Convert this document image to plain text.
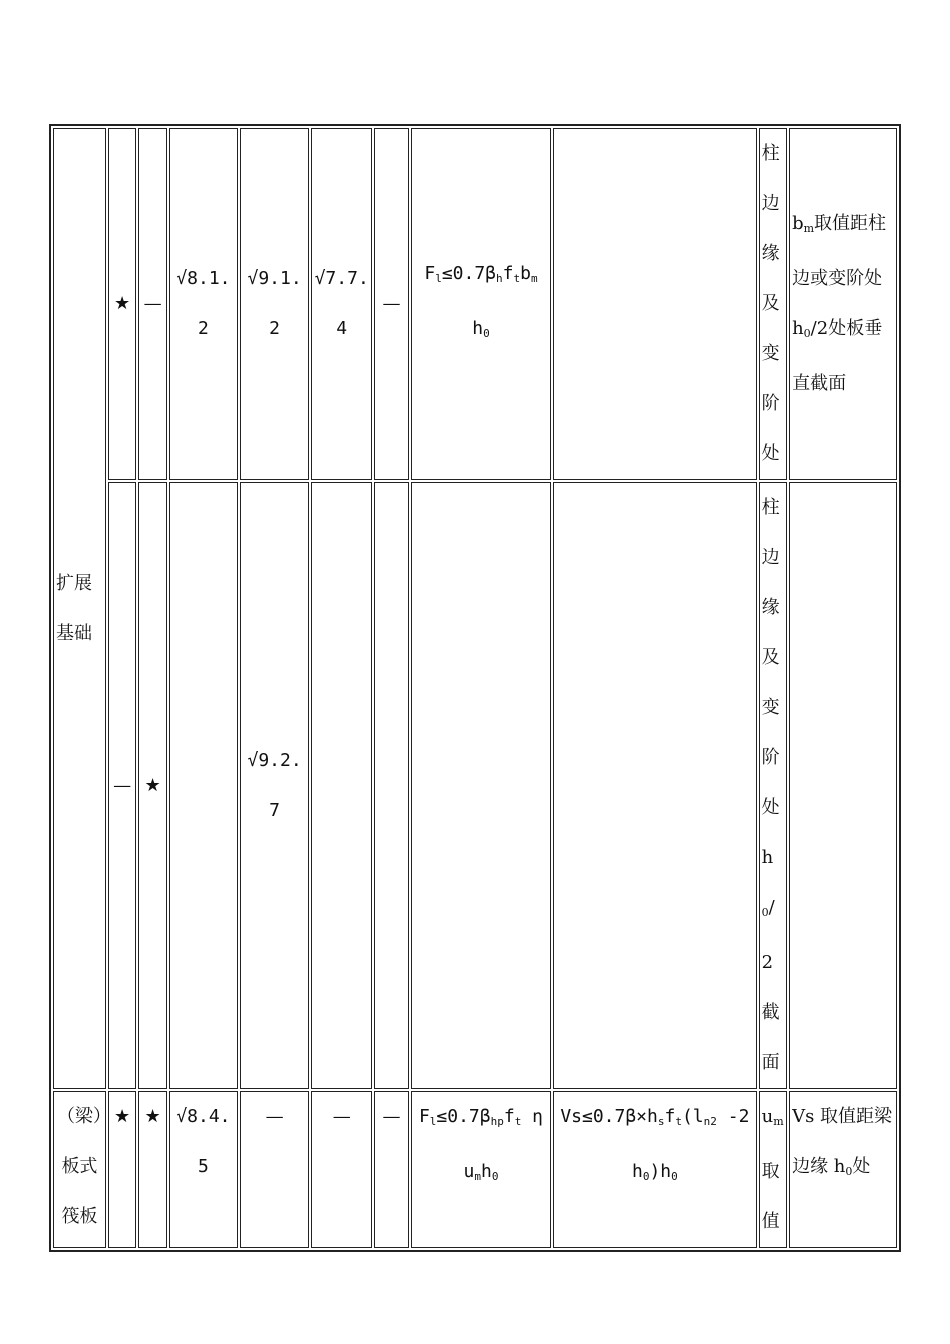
扩展基础	★	—	√8.1.2	√9.1.2	√7.7.4	—	$F_l\le 0.7\beta_hf_tb_m$ $h_0$		柱边缘及变阶处	$b_m$取值距柱边或变阶处 $h_0/2$处板垂直截面
	—	★		√9.2.7					柱边缘及变阶处$h_0/2$截面	
（梁）板式筏板	★	★	√8.4.5	—	—	—	$F_l\le 0.7\beta_{hp}f_t$ $\eta u_mh_0$	$Vs\le 0.7\beta\times h_sf_t(l_{n2}$ $-2h_0)h_0$	$u_m$取值	Vs 取值距梁边缘 $h_0$处
